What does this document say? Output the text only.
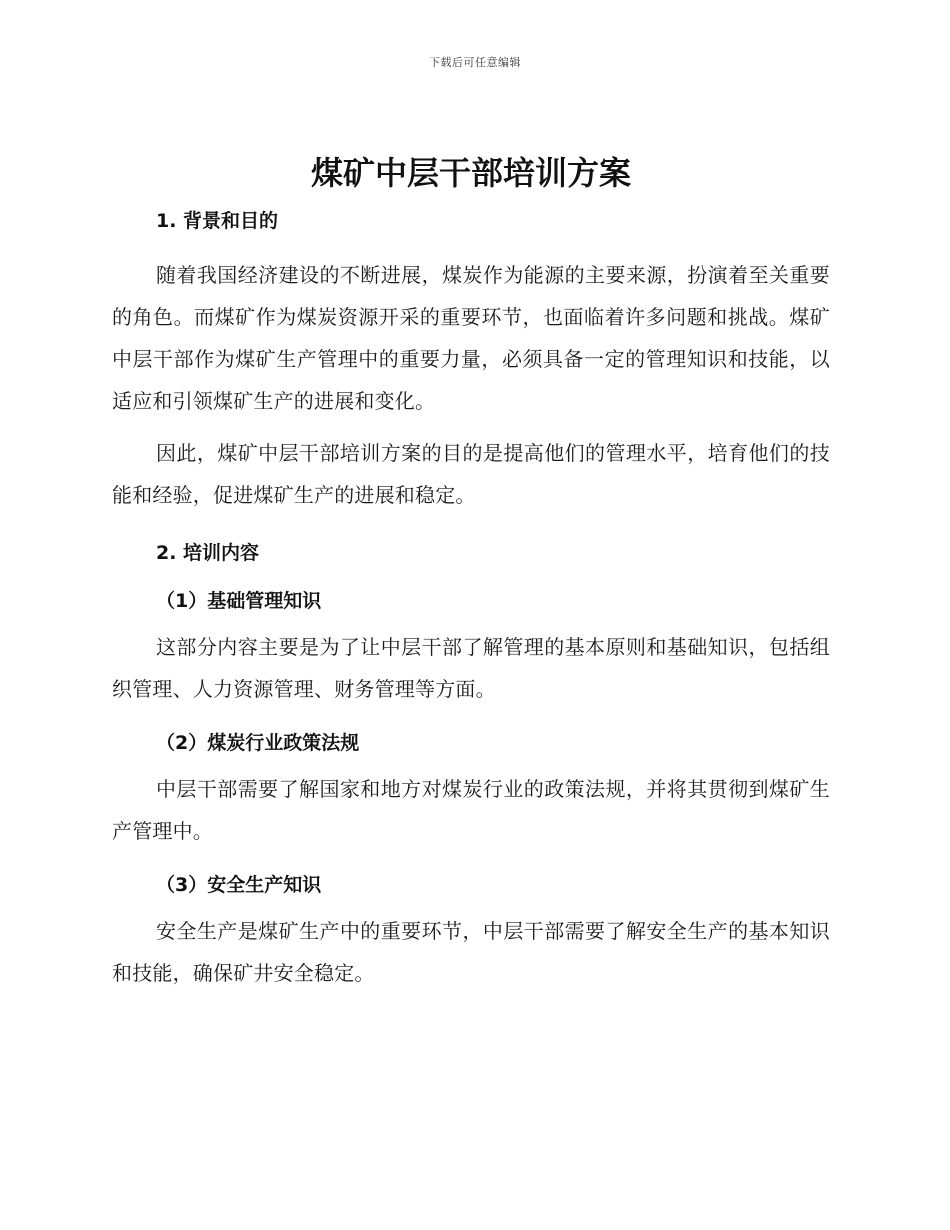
下载后可任意编辑
煤矿中层干部培训方案
1. 背景和目的

随着我国经济建设的不断进展，煤炭作为能源的主要来源，扮演着至关重要的角色。而煤矿作为煤炭资源开采的重要环节，也面临着许多问题和挑战。煤矿中层干部作为煤矿生产管理中的重要力量，必须具备一定的管理知识和技能，以适应和引领煤矿生产的进展和变化。

因此，煤矿中层干部培训方案的目的是提高他们的管理水平，培育他们的技能和经验，促进煤矿生产的进展和稳定。

2. 培训内容
（1）基础管理知识

这部分内容主要是为了让中层干部了解管理的基本原则和基础知识，包括组织管理、人力资源管理、财务管理等方面。

（2）煤炭行业政策法规

中层干部需要了解国家和地方对煤炭行业的政策法规，并将其贯彻到煤矿生产管理中。

（3）安全生产知识

安全生产是煤矿生产中的重要环节，中层干部需要了解安全生产的基本知识和技能，确保矿井安全稳定。
